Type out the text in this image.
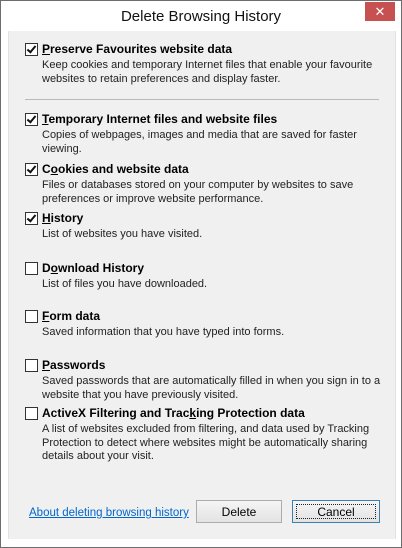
Delete Browsing History	✕
Preserve Favourites website data
Keep cookies and temporary Internet files that enable your favourite websites to retain preferences and display faster.
Temporary Internet files and website files
Copies of webpages, images and media that are saved for faster viewing.
Cookies and website data
Files or databases stored on your computer by websites to save preferences or improve website performance.
History
List of websites you have visited.
Download History
List of files you have downloaded.
Form data
Saved information that you have typed into forms.
Passwords
Saved passwords that are automatically filled in when you sign in to a website that you have previously visited.
ActiveX Filtering and Tracking Protection data
A list of websites excluded from filtering, and data used by Tracking Protection to detect where websites might be automatically sharing details about your visit.
About deleting browsing history	Delete	Cancel
